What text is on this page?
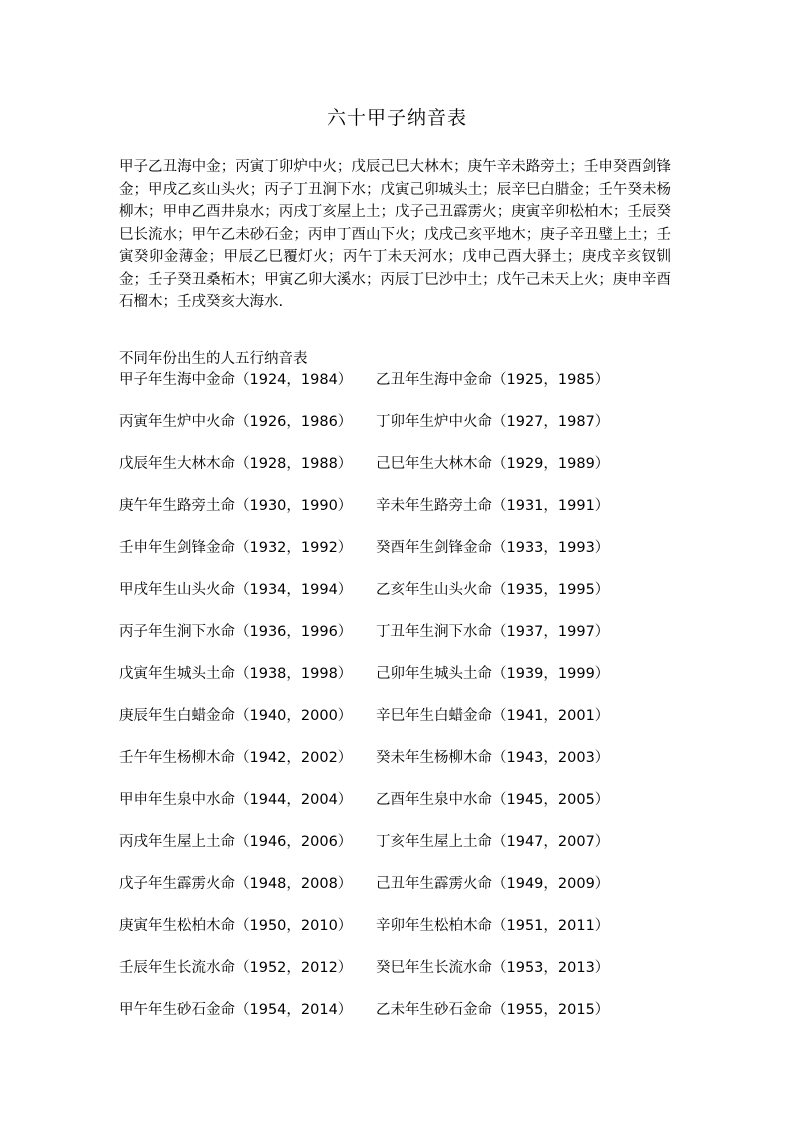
六十甲子纳音表
甲子乙丑海中金；丙寅丁卯炉中火；戊辰己巳大林木；庚午辛未路旁土；壬申癸酉剑锋金；甲戌乙亥山头火；丙子丁丑涧下水；戊寅己卯城头土；辰辛巳白腊金；壬午癸未杨柳木；甲申乙酉井泉水；丙戌丁亥屋上土；戊子己丑霹雳火；庚寅辛卯松柏木；壬辰癸巳长流水；甲午乙未砂石金；丙申丁酉山下火；戊戌己亥平地木；庚子辛丑璧上土；壬寅癸卯金薄金；甲辰乙巳覆灯火；丙午丁未天河水；戊申己酉大驿土；庚戌辛亥钗钏金；壬子癸丑桑柘木；甲寅乙卯大溪水；丙辰丁巳沙中土；戊午己未天上火；庚申辛酉石榴木；壬戌癸亥大海水.
不同年份出生的人五行纳音表
甲子年生海中金命（1924，1984）	乙丑年生海中金命（1925，1985）
丙寅年生炉中火命（1926，1986）	丁卯年生炉中火命（1927，1987）
戊辰年生大林木命（1928，1988）	己巳年生大林木命（1929，1989）
庚午年生路旁土命（1930，1990）	辛未年生路旁土命（1931，1991）
壬申年生剑锋金命（1932，1992）	癸酉年生剑锋金命（1933，1993）
甲戌年生山头火命（1934，1994）	乙亥年生山头火命（1935，1995）
丙子年生涧下水命（1936，1996）	丁丑年生涧下水命（1937，1997）
戊寅年生城头土命（1938，1998）	己卯年生城头土命（1939，1999）
庚辰年生白蜡金命（1940，2000）	辛巳年生白蜡金命（1941，2001）
壬午年生杨柳木命（1942，2002）	癸未年生杨柳木命（1943，2003）
甲申年生泉中水命（1944，2004）	乙酉年生泉中水命（1945，2005）
丙戌年生屋上土命（1946，2006）	丁亥年生屋上土命（1947，2007）
戊子年生霹雳火命（1948，2008）	己丑年生霹雳火命（1949，2009）
庚寅年生松柏木命（1950，2010）	辛卯年生松柏木命（1951，2011）
壬辰年生长流水命（1952，2012）	癸巳年生长流水命（1953，2013）
甲午年生砂石金命（1954，2014）	乙未年生砂石金命（1955，2015）
